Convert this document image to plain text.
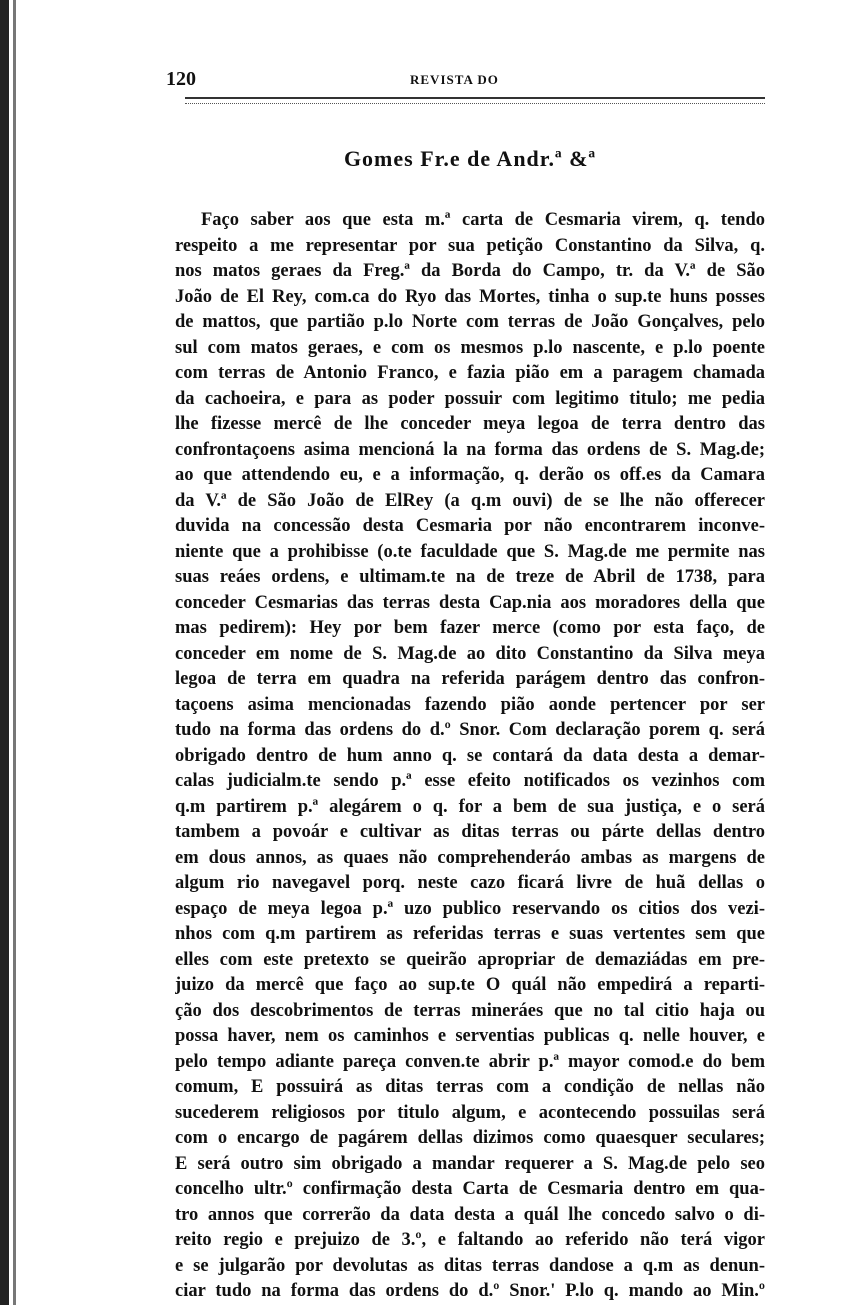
120	REVISTA DO
Gomes Fr.e de Andr.ª &ª
Faço saber aos que esta m.ª carta de Cesmaria virem, q. tendo
respeito a me representar por sua petição Constantino da Silva, q.
nos matos geraes da Freg.ª da Borda do Campo, tr. da V.ª de São
João de El Rey, com.ca do Ryo das Mortes, tinha o sup.te huns posses
de mattos, que partião p.lo Norte com terras de João Gonçalves, pelo
sul com matos geraes, e com os mesmos p.lo nascente, e p.lo poente
com terras de Antonio Franco, e fazia pião em a paragem chamada
da cachoeira, e para as poder possuir com legitimo titulo; me pedia
lhe fizesse mercê de lhe conceder meya legoa de terra dentro das
confrontaçoens asima mencioná la na forma das ordens de S. Mag.de;
ao que attendendo eu, e a informação, q. derão os off.es da Camara
da V.ª de São João de ElRey (a q.m ouvi) de se lhe não offerecer
duvida na concessão desta Cesmaria por não encontrarem inconve-
niente que a prohibisse (o.te faculdade que S. Mag.de me permite nas
suas reáes ordens, e ultimam.te na de treze de Abril de 1738, para
conceder Cesmarias das terras desta Cap.nia aos moradores della que
mas pedirem): Hey por bem fazer merce (como por esta faço, de
conceder em nome de S. Mag.de ao dito Constantino da Silva meya
legoa de terra em quadra na referida parágem dentro das confron-
taçoens asima mencionadas fazendo pião aonde pertencer por ser
tudo na forma das ordens do d.º Snor. Com declaração porem q. será
obrigado dentro de hum anno q. se contará da data desta a demar-
calas judicialm.te sendo p.ª esse efeito notificados os vezinhos com
q.m partirem p.ª alegárem o q. for a bem de sua justiça, e o será
tambem a povoár e cultivar as ditas terras ou párte dellas dentro
em dous annos, as quaes não comprehenderáo ambas as margens de
algum rio navegavel porq. neste cazo ficará livre de huã dellas o
espaço de meya legoa p.ª uzo publico reservando os citios dos vezi-
nhos com q.m partirem as referidas terras e suas vertentes sem que
elles com este pretexto se queirão apropriar de demaziádas em pre-
juizo da mercê que faço ao sup.te O quál não empedirá a reparti-
ção dos descobrimentos de terras mineráes que no tal citio haja ou
possa haver, nem os caminhos e serventias publicas q. nelle houver, e
pelo tempo adiante pareça conven.te abrir p.ª mayor comod.e do bem
comum, E possuirá as ditas terras com a condição de nellas não
sucederem religiosos por titulo algum, e acontecendo possuilas será
com o encargo de pagárem dellas dizimos como quaesquer seculares;
E será outro sim obrigado a mandar requerer a S. Mag.de pelo seo
concelho ultr.º confirmação desta Carta de Cesmaria dentro em qua-
tro annos que correrão da data desta a quál lhe concedo salvo o di-
reito regio e prejuizo de 3.º, e faltando ao referido não terá vigor
e se julgarão por devolutas as ditas terras dandose a q.m as denun-
ciar tudo na forma das ordens do d.º Snor.' P.lo q. mando ao Min.º
